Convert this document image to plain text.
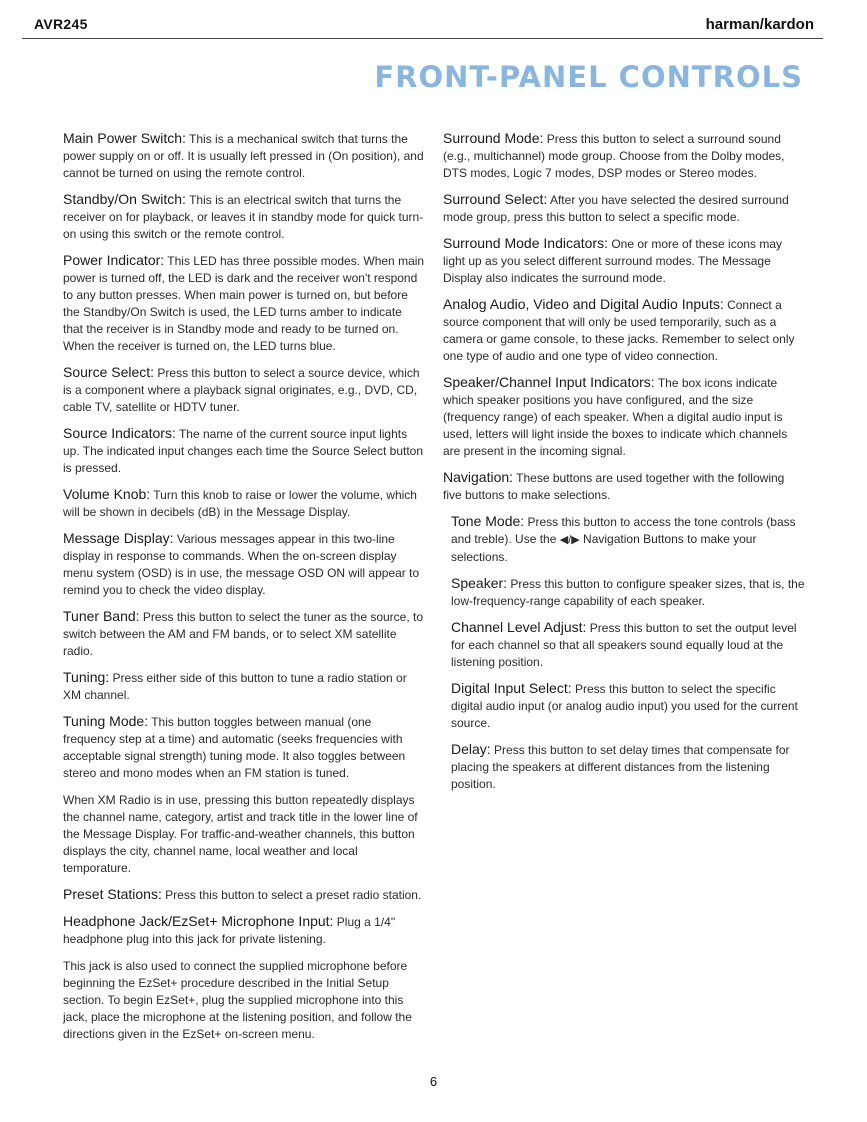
AVR245	harman/kardon
FRONT-PANEL CONTROLS

Main Power Switch: This is a mechanical switch that turns the power supply on or off. It is usually left pressed in (On position), and cannot be turned on using the remote control.

Standby/On Switch: This is an electrical switch that turns the receiver on for playback, or leaves it in standby mode for quick turn-on using this switch or the remote control.

Power Indicator: This LED has three possible modes. When main power is turned off, the LED is dark and the receiver won't respond to any button presses. When main power is turned on, but before the Standby/On Switch is used, the LED turns amber to indicate that the receiver is in Standby mode and ready to be turned on. When the receiver is turned on, the LED turns blue.

Source Select: Press this button to select a source device, which is a component where a playback signal originates, e.g., DVD, CD, cable TV, satellite or HDTV tuner.

Source Indicators: The name of the current source input lights up. The indicated input changes each time the Source Select button is pressed.

Volume Knob: Turn this knob to raise or lower the volume, which will be shown in decibels (dB) in the Message Display.

Message Display: Various messages appear in this two-line display in response to commands. When the on-screen display menu system (OSD) is in use, the message OSD ON will appear to remind you to check the video display.

Tuner Band: Press this button to select the tuner as the source, to switch between the AM and FM bands, or to select XM satellite radio.

Tuning: Press either side of this button to tune a radio station or XM channel.

Tuning Mode: This button toggles between manual (one frequency step at a time) and automatic (seeks frequencies with acceptable signal strength) tuning mode. It also toggles between stereo and mono modes when an FM station is tuned.

When XM Radio is in use, pressing this button repeatedly displays the channel name, category, artist and track title in the lower line of the Message Display. For traffic-and-weather channels, this button displays the city, channel name, local weather and local temporature.

Preset Stations: Press this button to select a preset radio station.

Headphone Jack/EzSet+ Microphone Input: Plug a 1/4" headphone plug into this jack for private listening.

This jack is also used to connect the supplied microphone before beginning the EzSet+ procedure described in the Initial Setup section. To begin EzSet+, plug the supplied microphone into this jack, place the microphone at the listening position, and follow the directions given in the EzSet+ on-screen menu.

Surround Mode: Press this button to select a surround sound (e.g., multichannel) mode group. Choose from the Dolby modes, DTS modes, Logic 7 modes, DSP modes or Stereo modes.

Surround Select: After you have selected the desired surround mode group, press this button to select a specific mode.

Surround Mode Indicators: One or more of these icons may light up as you select different surround modes. The Message Display also indicates the surround mode.

Analog Audio, Video and Digital Audio Inputs: Connect a source component that will only be used temporarily, such as a camera or game console, to these jacks. Remember to select only one type of audio and one type of video connection.

Speaker/Channel Input Indicators: The box icons indicate which speaker positions you have configured, and the size (frequency range) of each speaker. When a digital audio input is used, letters will light inside the boxes to indicate which channels are present in the incoming signal.

Navigation: These buttons are used together with the following five buttons to make selections.

Tone Mode: Press this button to access the tone controls (bass and treble). Use the ◀/▶ Navigation Buttons to make your selections.

Speaker: Press this button to configure speaker sizes, that is, the low-frequency-range capability of each speaker.

Channel Level Adjust: Press this button to set the output level for each channel so that all speakers sound equally loud at the listening position.

Digital Input Select: Press this button to select the specific digital audio input (or analog audio input) you used for the current source.

Delay: Press this button to set delay times that compensate for placing the speakers at different distances from the listening position.

6
